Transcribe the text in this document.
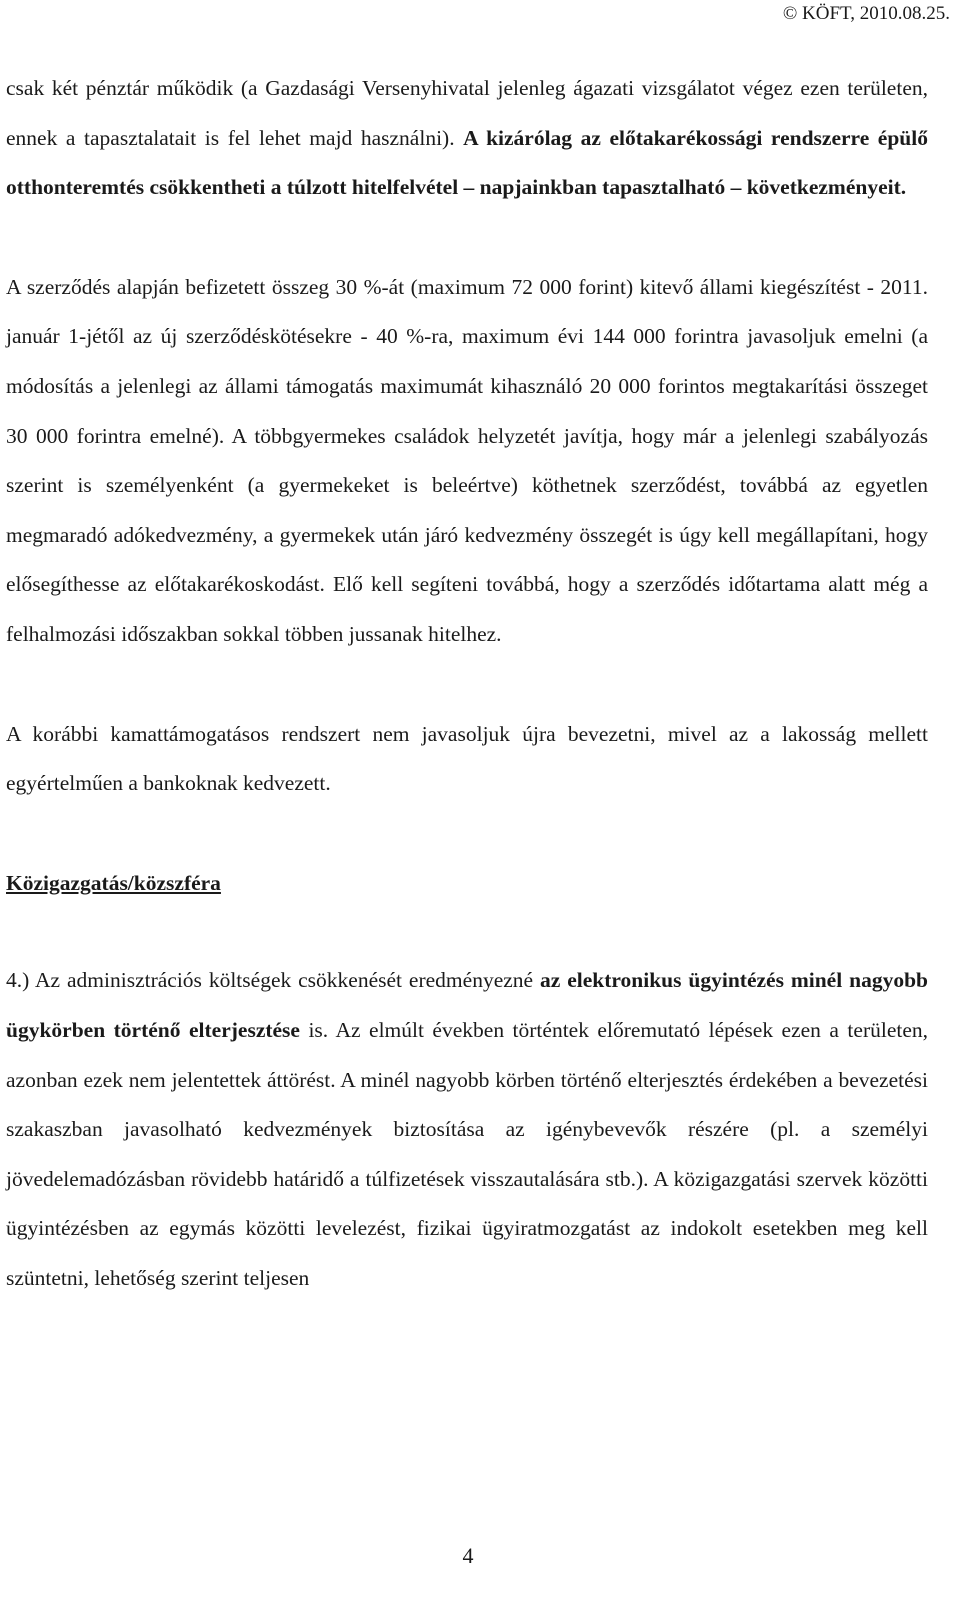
© KÖFT, 2010.08.25.

csak két pénztár működik (a Gazdasági Versenyhivatal jelenleg ágazati vizsgálatot végez ezen területen, ennek a tapasztalatait is fel lehet majd használni). A kizárólag az előtakarékossági rendszerre épülő otthonteremtés csökkentheti a túlzott hitelfelvétel – napjainkban tapasztalható – következményeit.

A szerződés alapján befizetett összeg 30 %-át (maximum 72 000 forint) kitevő állami kiegészítést - 2011. január 1-jétől az új szerződéskötésekre - 40 %-ra, maximum évi 144 000 forintra javasoljuk emelni (a módosítás a jelenlegi az állami támogatás maximumát kihasználó 20 000 forintos megtakarítási összeget 30 000 forintra emelné). A többgyermekes családok helyzetét javítja, hogy már a jelenlegi szabályozás szerint is személyenként (a gyermekeket is beleértve) köthetnek szerződést, továbbá az egyetlen megmaradó adókedvezmény, a gyermekek után járó kedvezmény összegét is úgy kell megállapítani, hogy elősegíthesse az előtakarékoskodást. Elő kell segíteni továbbá, hogy a szerződés időtartama alatt még a felhalmozási időszakban sokkal többen jussanak hitelhez.

A korábbi kamattámogatásos rendszert nem javasoljuk újra bevezetni, mivel az a lakosság mellett egyértelműen a bankoknak kedvezett.

Közigazgatás/közszféra

4.) Az adminisztrációs költségek csökkenését eredményezné az elektronikus ügyintézés minél nagyobb ügykörben történő elterjesztése is. Az elmúlt években történtek előremutató lépések ezen a területen, azonban ezek nem jelentettek áttörést. A minél nagyobb körben történő elterjesztés érdekében a bevezetési szakaszban javasolható kedvezmények biztosítása az igénybevevők részére (pl. a személyi jövedelemadózásban rövidebb határidő a túlfizetések visszautalására stb.). A közigazgatási szervek közötti ügyintézésben az egymás közötti levelezést, fizikai ügyiratmozgatást az indokolt esetekben meg kell szüntetni, lehetőség szerint teljesen

4
